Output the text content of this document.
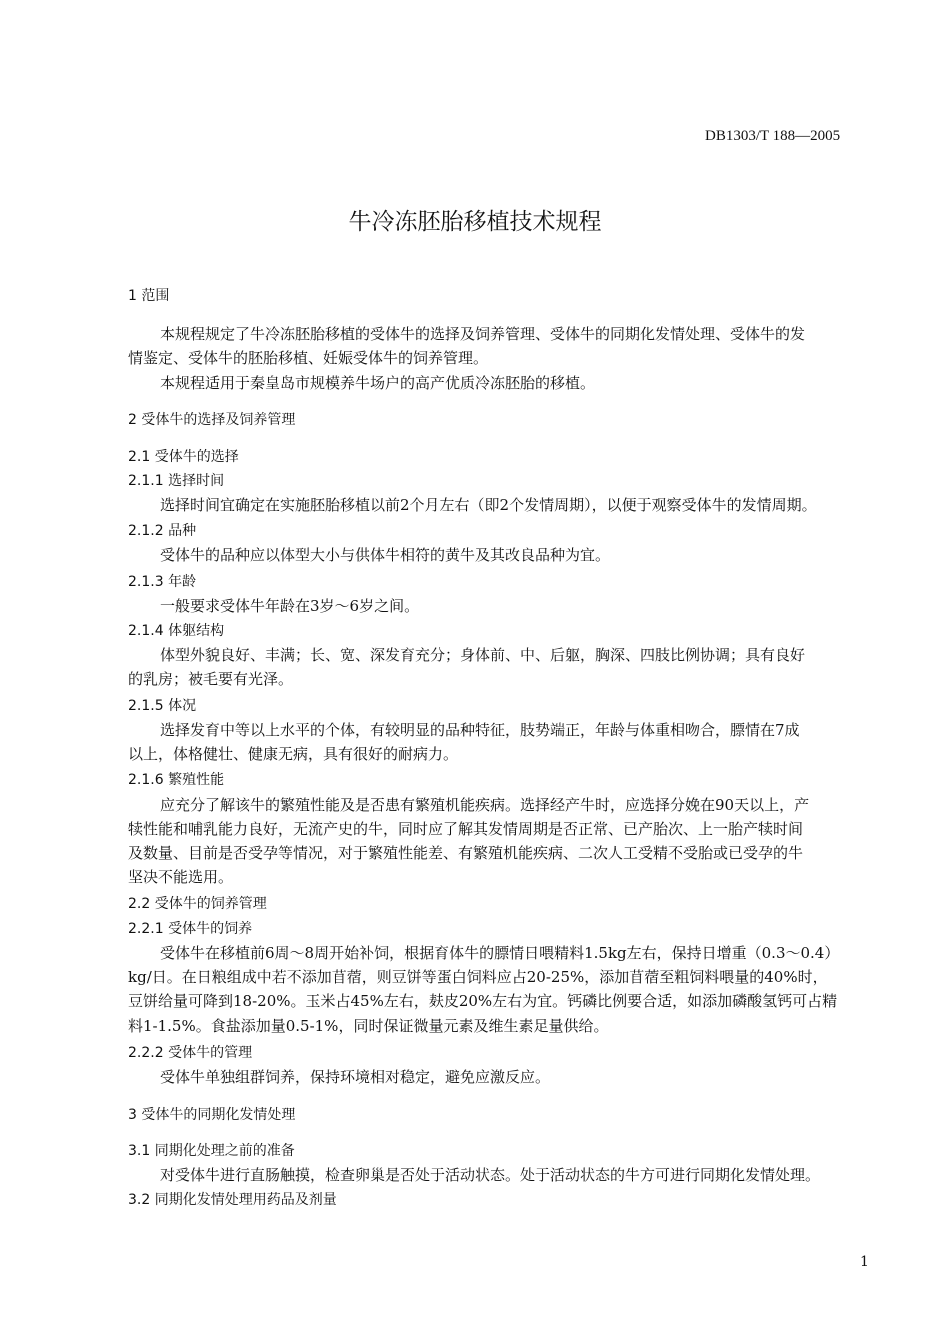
DB1303/T 188—2005
牛冷冻胚胎移植技术规程
1 范围
本规程规定了牛冷冻胚胎移植的受体牛的选择及饲养管理、受体牛的同期化发情处理、受体牛的发
情鉴定、受体牛的胚胎移植、妊娠受体牛的饲养管理。
本规程适用于秦皇岛市规模养牛场户的高产优质冷冻胚胎的移植。
2 受体牛的选择及饲养管理
2.1 受体牛的选择
2.1.1 选择时间
选择时间宜确定在实施胚胎移植以前2个月左右（即2个发情周期），以便于观察受体牛的发情周期。
2.1.2 品种
受体牛的品种应以体型大小与供体牛相符的黄牛及其改良品种为宜。
2.1.3 年龄
一般要求受体牛年龄在3岁～6岁之间。
2.1.4 体躯结构
体型外貌良好、丰满；长、宽、深发育充分；身体前、中、后躯，胸深、四肢比例协调；具有良好
的乳房；被毛要有光泽。
2.1.5 体况
选择发育中等以上水平的个体，有较明显的品种特征，肢势端正，年龄与体重相吻合，膘情在7成
以上，体格健壮、健康无病，具有很好的耐病力。
2.1.6 繁殖性能
应充分了解该牛的繁殖性能及是否患有繁殖机能疾病。选择经产牛时，应选择分娩在90天以上，产
犊性能和哺乳能力良好，无流产史的牛，同时应了解其发情周期是否正常、已产胎次、上一胎产犊时间
及数量、目前是否受孕等情况，对于繁殖性能差、有繁殖机能疾病、二次人工受精不受胎或已受孕的牛
坚决不能选用。
2.2 受体牛的饲养管理
2.2.1 受体牛的饲养
受体牛在移植前6周～8周开始补饲，根据育体牛的膘情日喂精料1.5kg左右，保持日增重（0.3～0.4）
kg/日。在日粮组成中若不添加苜蓿，则豆饼等蛋白饲料应占20-25%，添加苜蓿至粗饲料喂量的40%时，
豆饼给量可降到18-20%。玉米占45%左右，麸皮20%左右为宜。钙磷比例要合适，如添加磷酸氢钙可占精
料1-1.5%。食盐添加量0.5-1%，同时保证微量元素及维生素足量供给。
2.2.2 受体牛的管理
受体牛单独组群饲养，保持环境相对稳定，避免应激反应。
3 受体牛的同期化发情处理
3.1 同期化处理之前的准备
对受体牛进行直肠触摸，检查卵巢是否处于活动状态。处于活动状态的牛方可进行同期化发情处理。
3.2 同期化发情处理用药品及剂量
1
